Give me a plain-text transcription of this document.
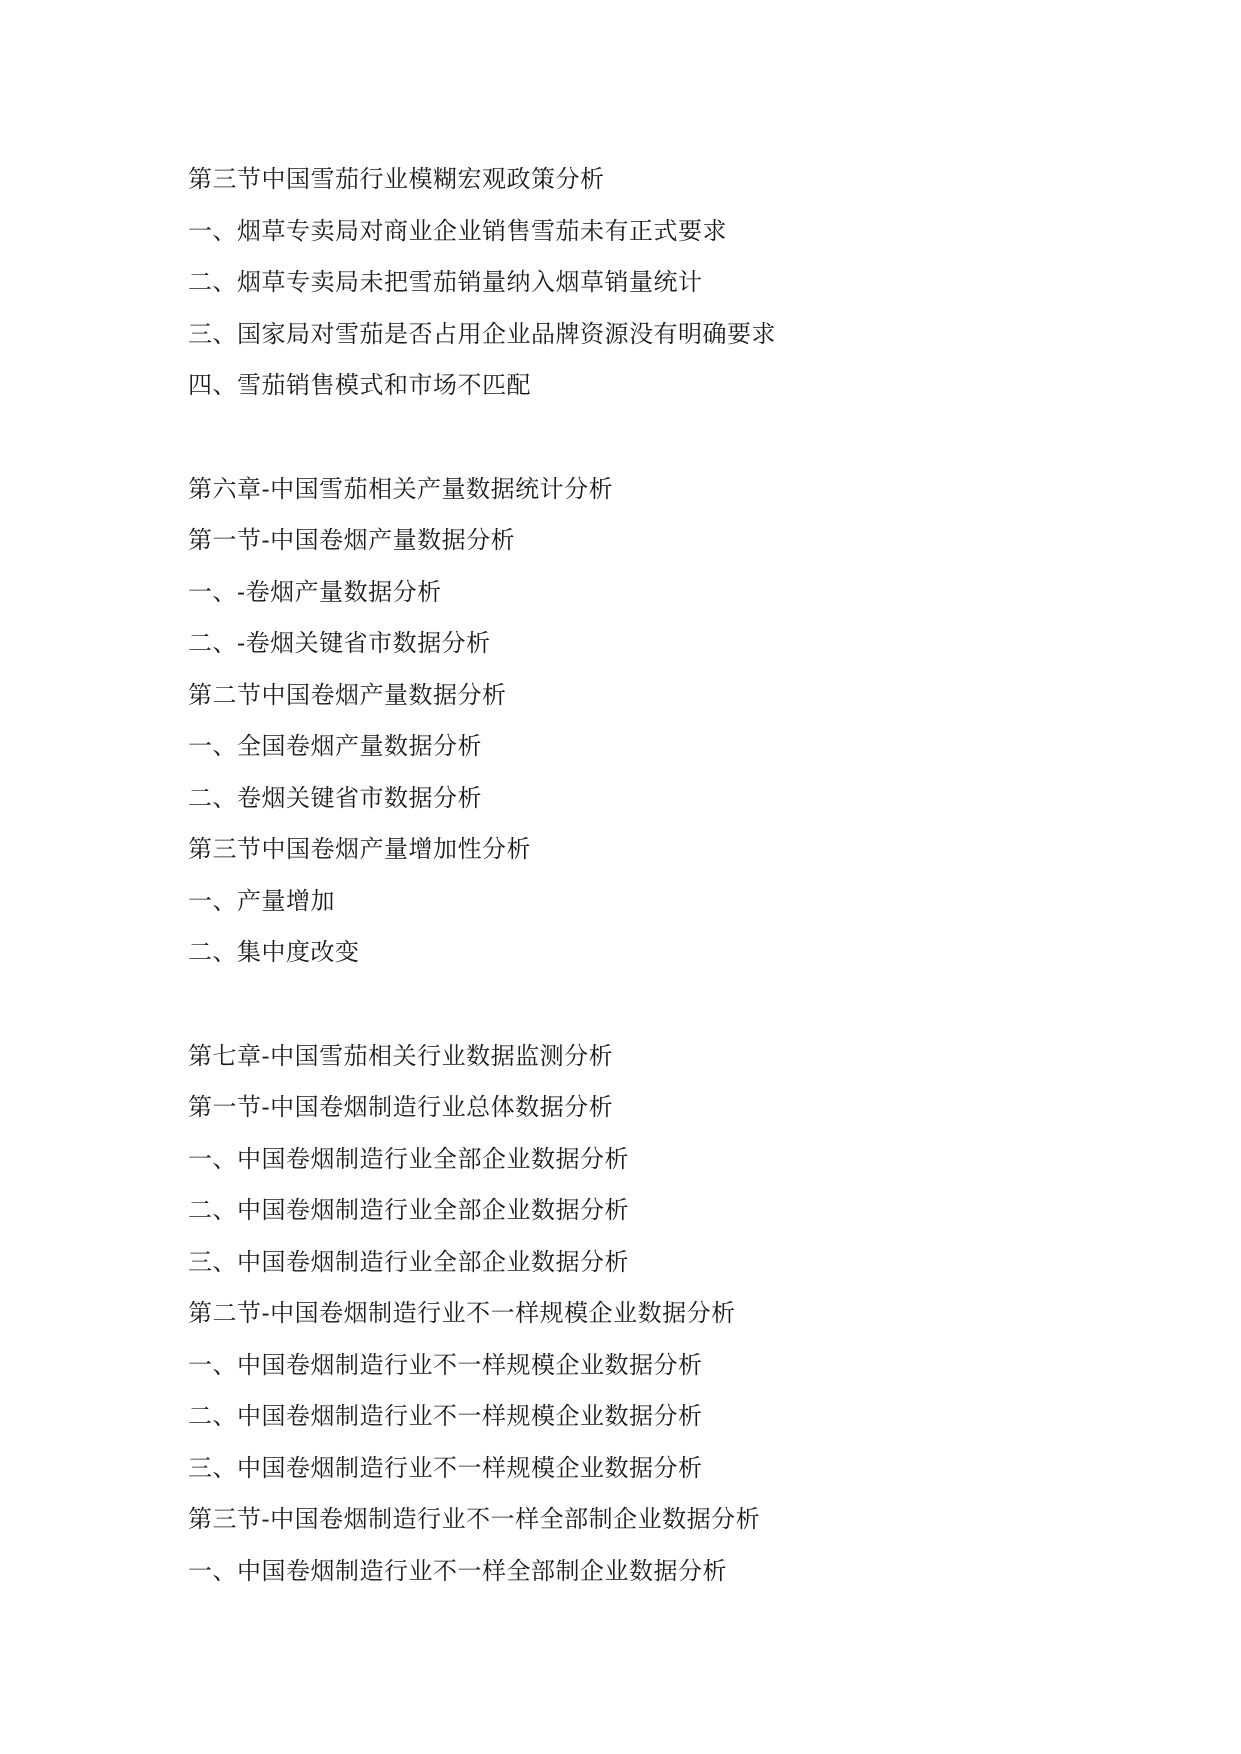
第三节中国雪茄行业模糊宏观政策分析
一、烟草专卖局对商业企业销售雪茄未有正式要求
二、烟草专卖局未把雪茄销量纳入烟草销量统计
三、国家局对雪茄是否占用企业品牌资源没有明确要求
四、雪茄销售模式和市场不匹配
第六章-中国雪茄相关产量数据统计分析
第一节-中国卷烟产量数据分析
一、-卷烟产量数据分析
二、-卷烟关键省市数据分析
第二节中国卷烟产量数据分析
一、全国卷烟产量数据分析
二、卷烟关键省市数据分析
第三节中国卷烟产量增加性分析
一、产量增加
二、集中度改变
第七章-中国雪茄相关行业数据监测分析
第一节-中国卷烟制造行业总体数据分析
一、中国卷烟制造行业全部企业数据分析
二、中国卷烟制造行业全部企业数据分析
三、中国卷烟制造行业全部企业数据分析
第二节-中国卷烟制造行业不一样规模企业数据分析
一、中国卷烟制造行业不一样规模企业数据分析
二、中国卷烟制造行业不一样规模企业数据分析
三、中国卷烟制造行业不一样规模企业数据分析
第三节-中国卷烟制造行业不一样全部制企业数据分析
一、中国卷烟制造行业不一样全部制企业数据分析
